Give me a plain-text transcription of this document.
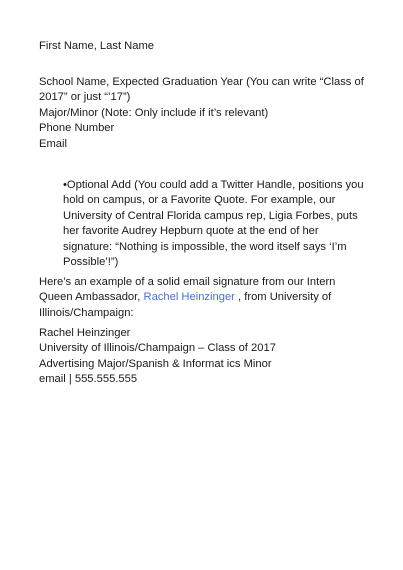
First Name, Last Name
School Name, Expected Graduation Year (You can write “Class of
2017” or just “’17”)
Major/Minor (Note: Only include if it’s relevant)
Phone Number
Email
•Optional Add (You could add a Twitter Handle, positions you
hold on campus, or a Favorite Quote. For example, our
University of Central Florida campus rep, Ligia Forbes, puts
her favorite Audrey Hepburn quote at the end of her
signature: “Nothing is impossible, the word itself says ‘I’m
Possible’!”)
Here’s an example of a solid email signature from our Intern
Queen Ambassador, Rachel Heinzinger , from University of
Illinois/Champaign:
Rachel Heinzinger
University of Illinois/Champaign – Class of 2017
Advertising Major/Spanish & Informat ics Minor
email | 555.555.555
